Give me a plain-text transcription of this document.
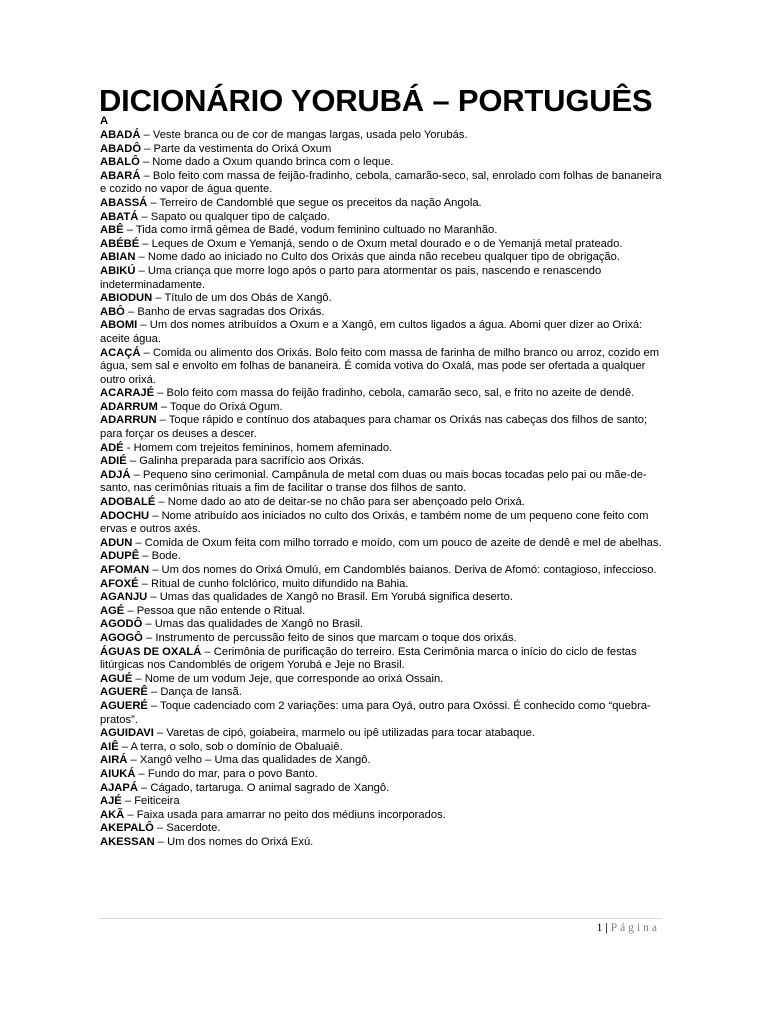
DICIONÁRIO YORUBÁ – PORTUGUÊS
A

ABADÁ – Veste branca ou de cor de mangas largas, usada pelo Yorubás.

ABADÔ – Parte da vestimenta do Orixá Oxum

ABALÔ – Nome dado a Oxum quando brinca com o leque.

ABARÁ – Bolo feito com massa de feijão-fradinho, cebola, camarão-seco, sal, enrolado com folhas de bananeira e cozido no vapor de água quente.

ABASSÁ – Terreiro de Candomblé que segue os preceitos da nação Angola.

ABATÁ – Sapato ou qualquer tipo de calçado.

ABÊ – Tida como irmã gêmea de Badé, vodum feminino cultuado no Maranhão.

ABÉBÉ – Leques de Oxum e Yemanjá, sendo o de Oxum metal dourado e o de Yemanjá metal prateado.

ABIAN – Nome dado ao iniciado no Culto dos Orixás que ainda não recebeu qualquer tipo de obrigação.

ABIKÚ – Uma criança que morre logo após o parto para atormentar os pais, nascendo e renascendo indeterminadamente.

ABIODUN – Título de um dos Obás de Xangô.

ABÔ – Banho de ervas sagradas dos Orixás.

ABOMI – Um dos nomes atribuídos a Oxum e a Xangô, em cultos ligados a água. Abomi quer dizer ao Orixá: aceite água.

ACAÇÁ – Comida ou alimento dos Orixás. Bolo feito com massa de farinha de milho branco ou arroz, cozido em água, sem sal e envolto em folhas de bananeira. É comida votiva do Oxalá, mas pode ser ofertada a qualquer outro orixá.

ACARAJÉ – Bolo feito com massa do feijão fradinho, cebola, camarão seco, sal, e frito no azeite de dendê.

ADARRUM – Toque do Orixá Ogum.

ADARRUN – Toque rápido e contínuo dos atabaques para chamar os Orixás nas cabeças dos filhos de santo; para forçar os deuses a descer.

ADÉ - Homem com trejeitos femininos, homem afeminado.

ADIÉ – Galinha preparada para sacrifício aos Orixás.

ADJÁ – Pequeno sino cerimonial. Campânula de metal com duas ou mais bocas tocadas pelo pai ou mãe-de-santo, nas cerimônias rituais a fim de facilitar o transe dos filhos de santo.

ADOBALÉ – Nome dado ao ato de deitar-se no chão para ser abençoado pelo Orixá.

ADOCHU – Nome atribuído aos iniciados no culto dos Orixás, e também nome de um pequeno cone feito com ervas e outros axés.

ADUN – Comida de Oxum feita com milho torrado e moído, com um pouco de azeite de dendê e mel de abelhas.

ADUPÊ – Bode.

AFOMAN – Um dos nomes do Orixá Omulú, em Candomblés baianos. Deriva de Afomó: contagioso, infeccioso.

AFOXÉ – Ritual de cunho folclórico, muito difundido na Bahia.

AGANJU – Umas das qualidades de Xangô no Brasil. Em Yorubá significa deserto.

AGÉ – Pessoa que não entende o Ritual.

AGODÔ – Umas das qualidades de Xangô no Brasil.

AGOGÔ – Instrumento de percussão feito de sinos que marcam o toque dos orixás.

ÁGUAS DE OXALÁ – Cerimônia de purificação do terreiro. Esta Cerimônia marca o início do ciclo de festas litúrgicas nos Candomblés de origem Yorubá e Jeje no Brasil.

AGUÉ – Nome de um vodum Jeje, que corresponde ao orixá Ossain.

AGUERÊ – Dança de Iansã.

AGUERÉ – Toque cadenciado com 2 variações: uma para Oyá, outro para Oxóssi. É conhecido como “quebra-pratos”.

AGUIDAVI – Varetas de cipó, goiabeira, marmelo ou ipê utilizadas para tocar atabaque.

AIÊ – A terra, o solo, sob o domínio de Obaluaiê.

AIRÁ – Xangô velho – Uma das qualidades de Xangô.

AIUKÁ – Fundo do mar, para o povo Banto.

AJAPÁ – Cágado, tartaruga. O animal sagrado de Xangô.

AJÉ – Feiticeira

AKÃ – Faixa usada para amarrar no peito dos médiuns incorporados.

AKEPALÔ – Sacerdote.

AKESSAN – Um dos nomes do Orixá Exú.

1 | Página
